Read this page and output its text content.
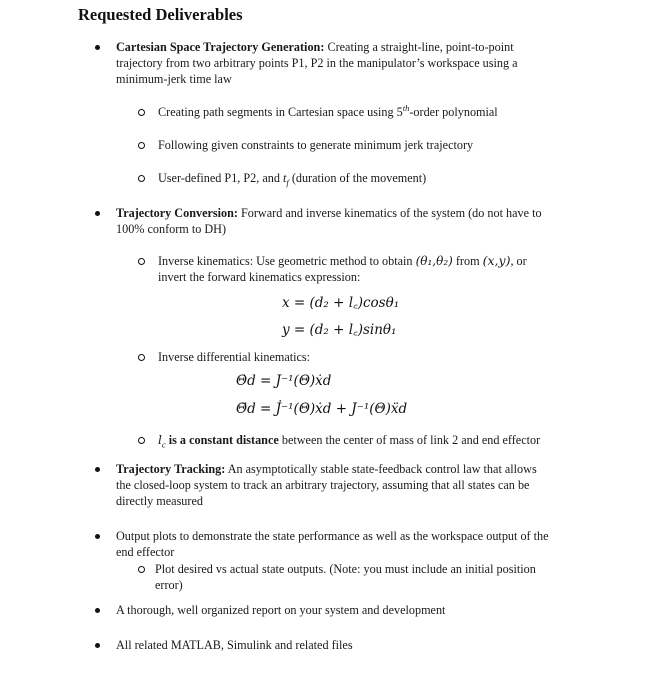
Requested Deliverables
Cartesian Space Trajectory Generation: Creating a straight-line, point-to-point
trajectory from two arbitrary points P1, P2 in the manipulator’s workspace using a
minimum-jerk time law
Creating path segments in Cartesian space using 5th-order polynomial
Following given constraints to generate minimum jerk trajectory
User-defined P1, P2, and $t_f$ (duration of the movement)
Trajectory Conversion: Forward and inverse kinematics of the system (do not have to
100% conform to DH)
Inverse kinematics: Use geometric method to obtain (θ₁,θ₂) from (x,y), or
invert the forward kinematics expression:
x = (d₂ + l꜀)cosθ₁
y = (d₂ + l꜀)sinθ₁
Inverse differential kinematics:
Θ̇d = J⁻¹(Θ)ẋd
Θ̈d = J̇⁻¹(Θ)ẋd + J⁻¹(Θ)ẍd
$l_c$ is a constant distance between the center of mass of link 2 and end effector
Trajectory Tracking: An asymptotically stable state-feedback control law that allows
the closed-loop system to track an arbitrary trajectory, assuming that all states can be
directly measured
Output plots to demonstrate the state performance as well as the workspace output of the
end effector
Plot desired vs actual state outputs. (Note: you must include an initial position
error)
A thorough, well organized report on your system and development
All related MATLAB, Simulink and related files
